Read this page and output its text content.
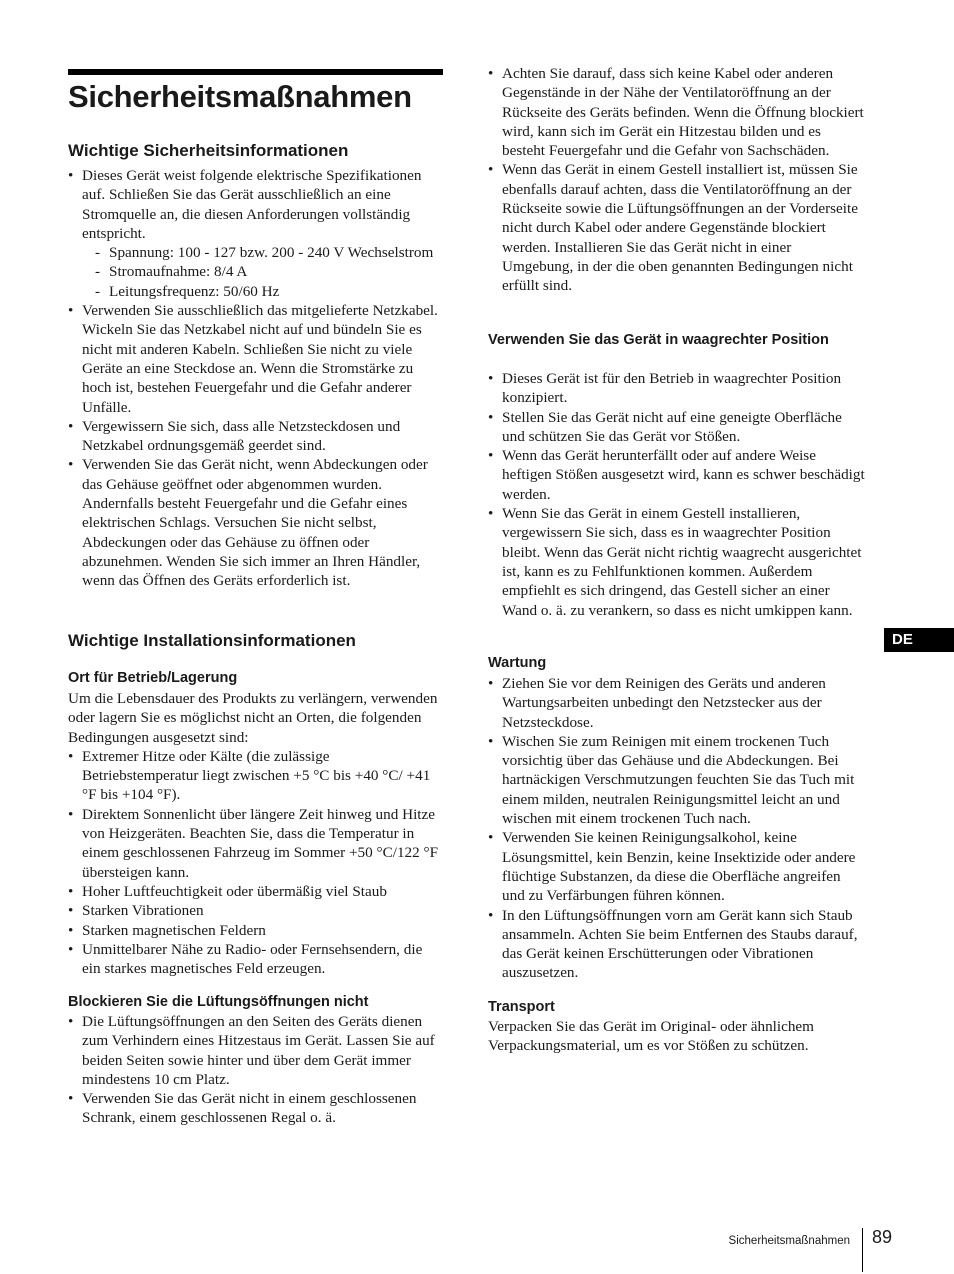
Sicherheitsmaßnahmen
Wichtige Sicherheitsinformationen
• Dieses Gerät weist folgende elektrische Spezifikationen auf. Schließen Sie das Gerät ausschließlich an eine Stromquelle an, die diesen Anforderungen vollständig entspricht.
- Spannung: 100 - 127 bzw. 200 - 240 V Wechselstrom
- Stromaufnahme: 8/4 A
- Leitungsfrequenz: 50/60 Hz
• Verwenden Sie ausschließlich das mitgelieferte Netzkabel. Wickeln Sie das Netzkabel nicht auf und bündeln Sie es nicht mit anderen Kabeln. Schließen Sie nicht zu viele Geräte an eine Steckdose an. Wenn die Stromstärke zu hoch ist, bestehen Feuergefahr und die Gefahr anderer Unfälle.
• Vergewissern Sie sich, dass alle Netzsteckdosen und Netzkabel ordnungsgemäß geerdet sind.
• Verwenden Sie das Gerät nicht, wenn Abdeckungen oder das Gehäuse geöffnet oder abgenommen wurden. Andernfalls besteht Feuergefahr und die Gefahr eines elektrischen Schlags. Versuchen Sie nicht selbst, Abdeckungen oder das Gehäuse zu öffnen oder abzunehmen. Wenden Sie sich immer an Ihren Händler, wenn das Öffnen des Geräts erforderlich ist.
Wichtige Installationsinformationen
Ort für Betrieb/Lagerung

Um die Lebensdauer des Produkts zu verlängern, verwenden oder lagern Sie es möglichst nicht an Orten, die folgenden Bedingungen ausgesetzt sind:

• Extremer Hitze oder Kälte (die zulässige Betriebstemperatur liegt zwischen +5 °C bis +40 °C/ +41 °F bis +104 °F).
• Direktem Sonnenlicht über längere Zeit hinweg und Hitze von Heizgeräten. Beachten Sie, dass die Temperatur in einem geschlossenen Fahrzeug im Sommer +50 °C/122 °F übersteigen kann.
• Hoher Luftfeuchtigkeit oder übermäßig viel Staub
• Starken Vibrationen
• Starken magnetischen Feldern
• Unmittelbarer Nähe zu Radio- oder Fernsehsendern, die ein starkes magnetisches Feld erzeugen.
Blockieren Sie die Lüftungsöffnungen nicht
• Die Lüftungsöffnungen an den Seiten des Geräts dienen zum Verhindern eines Hitzestaus im Gerät. Lassen Sie auf beiden Seiten sowie hinter und über dem Gerät immer mindestens 10 cm Platz.
• Verwenden Sie das Gerät nicht in einem geschlossenen Schrank, einem geschlossenen Regal o. ä.
• Achten Sie darauf, dass sich keine Kabel oder anderen Gegenstände in der Nähe der Ventilatoröffnung an der Rückseite des Geräts befinden. Wenn die Öffnung blockiert wird, kann sich im Gerät ein Hitzestau bilden und es besteht Feuergefahr und die Gefahr von Sachschäden.
• Wenn das Gerät in einem Gestell installiert ist, müssen Sie ebenfalls darauf achten, dass die Ventilatoröffnung an der Rückseite sowie die Lüftungsöffnungen an der Vorderseite nicht durch Kabel oder andere Gegenstände blockiert werden. Installieren Sie das Gerät nicht in einer Umgebung, in der die oben genannten Bedingungen nicht erfüllt sind.
Verwenden Sie das Gerät in waagrechter Position
• Dieses Gerät ist für den Betrieb in waagrechter Position konzipiert.
• Stellen Sie das Gerät nicht auf eine geneigte Oberfläche und schützen Sie das Gerät vor Stößen.
• Wenn das Gerät herunterfällt oder auf andere Weise heftigen Stößen ausgesetzt wird, kann es schwer beschädigt werden.
• Wenn Sie das Gerät in einem Gestell installieren, vergewissern Sie sich, dass es in waagrechter Position bleibt. Wenn das Gerät nicht richtig waagrecht ausgerichtet ist, kann es zu Fehlfunktionen kommen. Außerdem empfiehlt es sich dringend, das Gestell sicher an einer Wand o. ä. zu verankern, so dass es nicht umkippen kann.
Wartung
• Ziehen Sie vor dem Reinigen des Geräts und anderen Wartungsarbeiten unbedingt den Netzstecker aus der Netzsteckdose.
• Wischen Sie zum Reinigen mit einem trockenen Tuch vorsichtig über das Gehäuse und die Abdeckungen. Bei hartnäckigen Verschmutzungen feuchten Sie das Tuch mit einem milden, neutralen Reinigungsmittel leicht an und wischen mit einem trockenen Tuch nach.
• Verwenden Sie keinen Reinigungsalkohol, keine Lösungsmittel, kein Benzin, keine Insektizide oder andere flüchtige Substanzen, da diese die Oberfläche angreifen und zu Verfärbungen führen können.
• In den Lüftungsöffnungen vorn am Gerät kann sich Staub ansammeln. Achten Sie beim Entfernen des Staubs darauf, das Gerät keinen Erschütterungen oder Vibrationen auszusetzen.
Transport

Verpacken Sie das Gerät im Original- oder ähnlichem Verpackungsmaterial, um es vor Stößen zu schützen.

DE
Sicherheitsmaßnahmen 89
